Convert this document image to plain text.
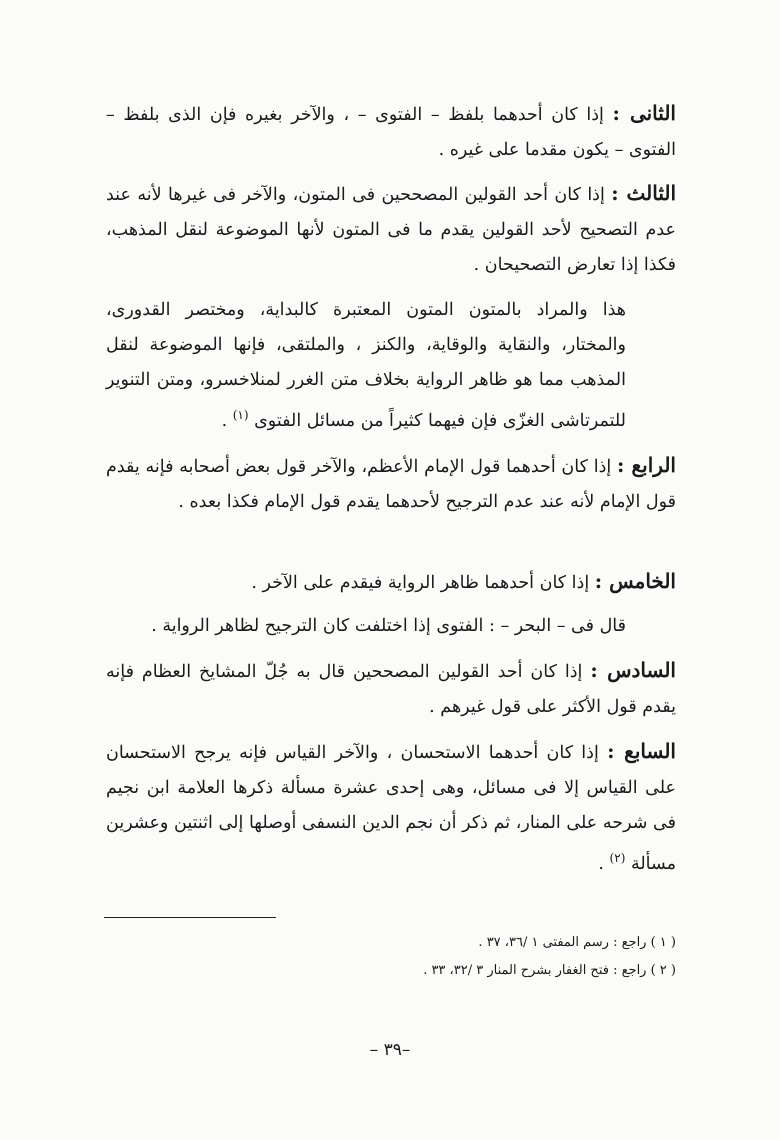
الثانى : إذا كان أحدهما بلفظ – الفتوى – ، والآخر بغيره فإن الذى بلفظ – الفتوى – يكون مقدما على غيره .
الثالث : إذا كان أحد القولين المصححين فى المتون، والآخر فى غيرها لأنه عند عدم التصحيح لأحد القولين يقدم ما فى المتون لأنها الموضوعة لنقل المذهب، فكذا إذا تعارض التصحيحان .
هذا والمراد بالمتون المتون المعتبرة كالبداية، ومختصر القدورى، والمختار، والنقاية والوقاية، والكنز ، والملتقى، فإنها الموضوعة لنقل المذهب مما هو ظاهر الرواية بخلاف متن الغرر لمنلاخسرو، ومتن التنوير للتمرتاشى الغزّى فإن فيهما كثيراً من مسائل الفتوى $^{(١)}$ .
الرابع : إذا كان أحدهما قول الإمام الأعظم، والآخر قول بعض أصحابه فإنه يقدم قول الإمام لأنه عند عدم الترجيح لأحدهما يقدم قول الإمام فكذا بعده .
الخامس : إذا كان أحدهما ظاهر الرواية فيقدم على الآخر .
قال فى – البحر – : الفتوى إذا اختلفت كان الترجيح لظاهر الرواية .
السادس : إذا كان أحد القولين المصححين قال به جُلّ المشايخ العظام فإنه يقدم قول الأكثر على قول غيرهم .
السابع : إذا كان أحدهما الاستحسان ، والآخر القياس فإنه يرجح الاستحسان على القياس إلا فى مسائل، وهى إحدى عشرة مسألة ذكرها العلامة ابن نجيم فى شرحه على المنار، ثم ذكر أن نجم الدين النسفى أوصلها إلى اثنتين وعشرين مسألة $^{(٢)}$ .
( ١ ) راجع : رسم المفتى ١ /٣٦، ٣٧ .
( ٢ ) راجع : فتح الغفار بشرح المنار ٣ /٣٢، ٣٣ .
–٣٩ –
